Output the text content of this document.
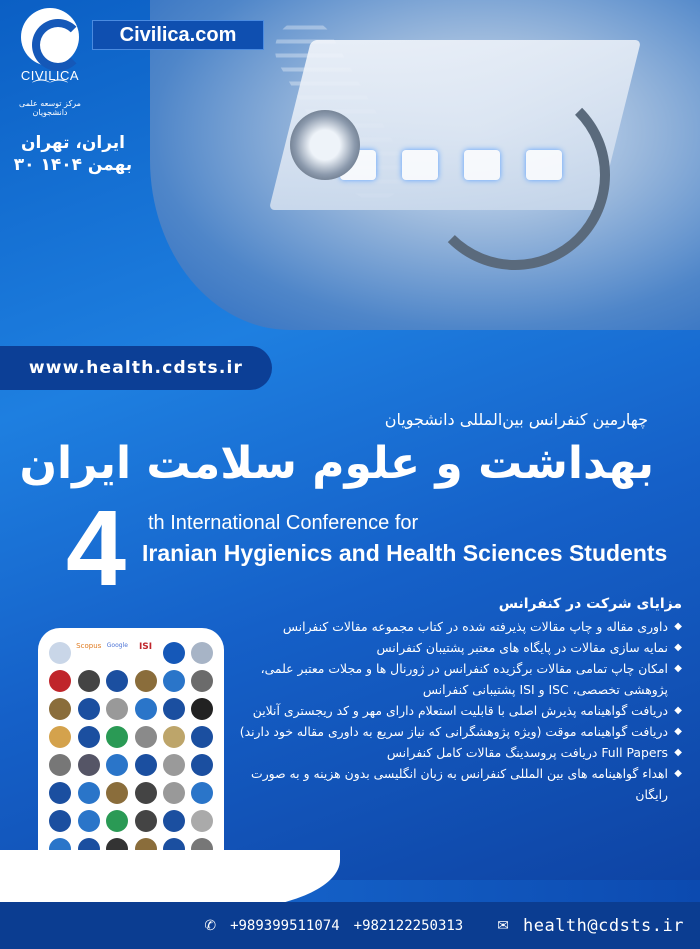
CIVILICA
⌒⌒
مرکز توسعه علمی دانشجویان
Civilica.com
ایران، تهران
۳۰ بهمن ۱۴۰۴
www.health.cdsts.ir
چهارمین کنفرانس بین‌المللی دانشجویان
بهداشت و علوم سلامت ایران
4 th International Conference for
Iranian Hygienics and Health Sciences Students
Scopus Google ISI
مزایای شرکت در کنفرانس
◆ داوری مقاله و چاپ مقالات پذیرفته شده در کتاب مجموعه مقالات کنفرانس
◆ نمایه سازی مقالات در پایگاه های معتبر پشتیبان کنفرانس
◆ امکان چاپ تمامی مقالات برگزیده کنفرانس در ژورنال ها و مجلات معتبر علمی، پژوهشی تخصصی، ISC و ISI پشتیبانی کنفرانس
◆ دریافت گواهینامه پذیرش اصلی با قابلیت استعلام دارای مهر و کد ریجستری آنلاین
◆ دریافت گواهینامه موقت (ویژه پژوهشگرانی که نیاز سریع به داوری مقاله خود دارند)
◆ Full Papers دریافت پروسدینگ مقالات کامل کنفرانس
◆ اهداء گواهینامه های بین المللی کنفرانس به زبان انگلیسی بدون هزینه و به صورت رایگان
✆ +989399511074 +982122250313 ✉ health@cdsts.ir
